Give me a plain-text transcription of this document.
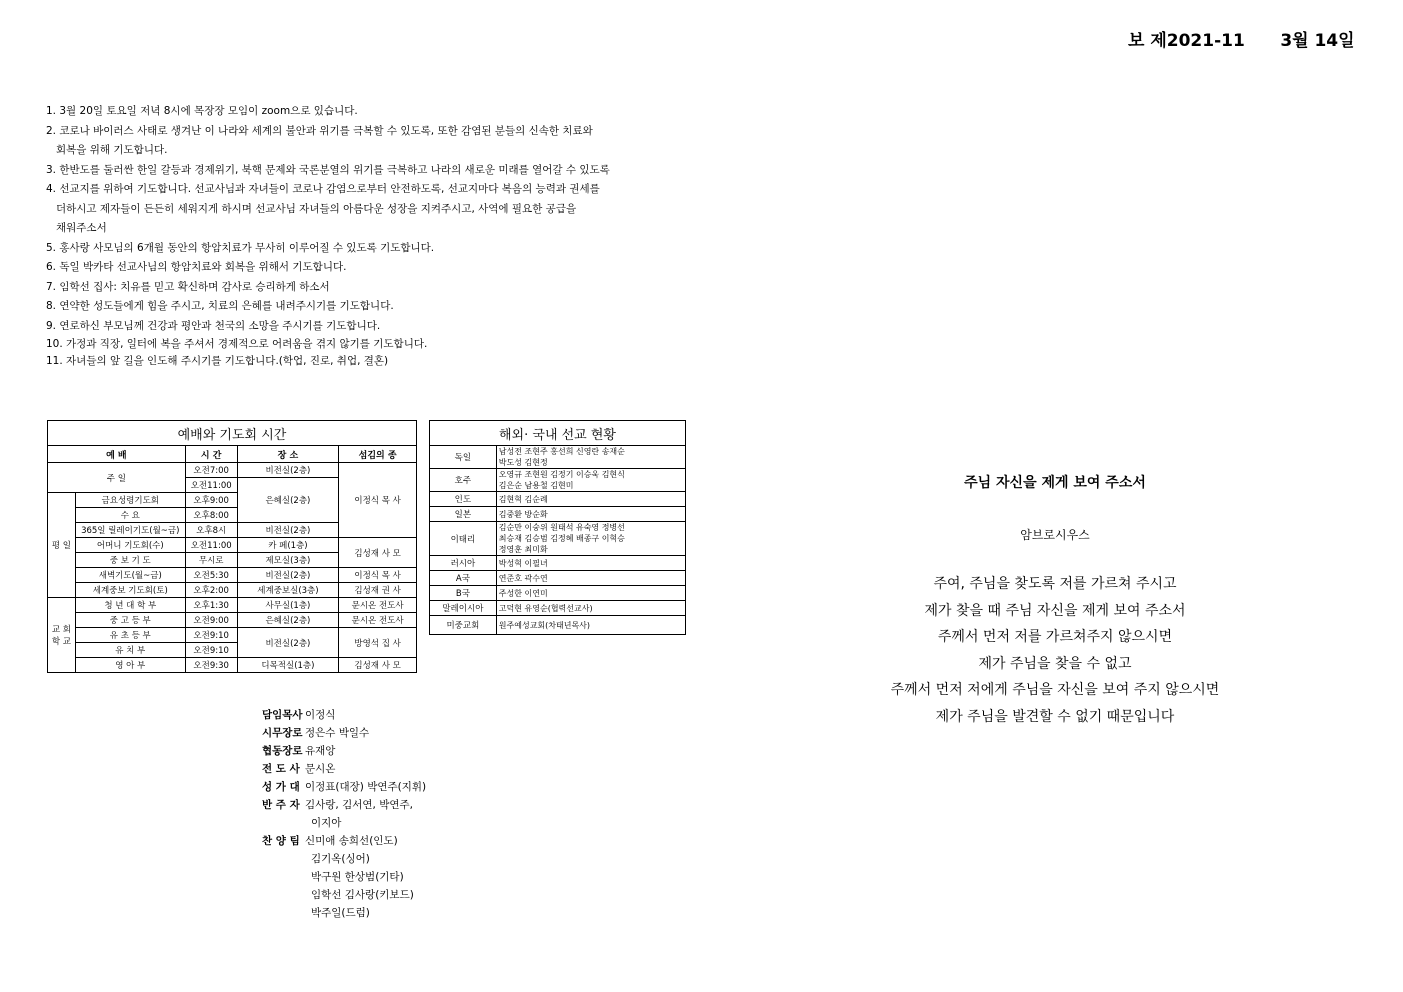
보 제2021-11 3월 14일
1. 3월 20일 토요일 저녁 8시에 목장장 모임이 zoom으로 있습니다.
2. 코로나 바이러스 사태로 생겨난 이 나라와 세계의 불안과 위기를 극복할 수 있도록, 또한 감염된 분들의 신속한 치료와
회복을 위해 기도합니다.
3. 한반도를 둘러싼 한일 갈등과 경제위기, 북핵 문제와 국론분열의 위기를 극복하고 나라의 새로운 미래를 열어갈 수 있도록
4. 선교지를 위하여 기도합니다. 선교사님과 자녀들이 코로나 감염으로부터 안전하도록, 선교지마다 복음의 능력과 권세를
더하시고 제자들이 든든히 세워지게 하시며 선교사님 자녀들의 아름다운 성장을 지켜주시고, 사역에 필요한 공급을
채워주소서
5. 홍사랑 사모님의 6개월 동안의 항암치료가 무사히 이루어질 수 있도록 기도합니다.
6. 독일 박카타 선교사님의 항암치료와 회복을 위해서 기도합니다.
7. 임학선 집사: 치유를 믿고 확신하며 감사로 승리하게 하소서
8. 연약한 성도들에게 힘을 주시고, 치료의 은혜를 내려주시기를 기도합니다.
9. 연로하신 부모님께 건강과 평안과 천국의 소망을 주시기를 기도합니다.
10. 가정과 직장, 일터에 복을 주셔서 경제적으로 어려움을 겪지 않기를 기도합니다.
11. 자녀들의 앞 길을 인도해 주시기를 기도합니다.(학업, 진로, 취업, 결혼)
예배와 기도회 시간				
예 배		시 간	장 소	섬김의 종
주 일		오전7:00	비전실(2층)	이정식 목 사
		오전11:00	은혜실(2층)	
평 일	금요성령기도회	오후9:00		
	수 요	오후8:00		
	365일 릴레이기도(월~금)	오후8시	비전실(2층)	
	어머니 기도회(수)	오전11:00	카 페(1층)	김성재 사 모
	중 보 기 도	무시로	제모실(3층)	
	새벽기도(월~금)	오전5:30	비전실(2층)	이정식 목 사
	세계중보 기도회(토)	오후2:00	세계중보실(3층)	김성재 권 사
교 회 학 교	청 년 대 학 부	오후1:30	사무실(1층)	문시온 전도사
	중 고 등 부	오전9:00	은혜실(2층)	문시온 전도사
	유 초 등 부	오전9:10	비전실(2층)	방영석 집 사
	유 치 부	오전9:10		
	영 아 부	오전9:30	디목적실(1층)	김성재 사 모
해외· 국내 선교 현황	
독일	남성전 조현주 홍선희 신영란 송재순
박도성 김현정

호주	오영규 조현원 김정기 이승욱 김현식
김은순 남용철 김현미

인도	김현혁 김순례

일본	김중환 방순화

이태리	김순만 이숭위 원태석 유숙영 정병선
최승재 김승범 김정혜 배종구 이혁승
정영훈 최미화

러시아	박성혁 이필녀

A국	연준호 곽수연

B국	주성한 이연미

말레이시아	고덕현 유영순(협력선교사)

미중교회	원주예성교회(차태년목사)
담임목사 이정식
시무장로 정은수 박일수
협동장로 유재앙
전 도 사 문시온
성 가 대 이정표(대장) 박연주(지휘)
반 주 자 김사랑, 김서연, 박연주,
이지아
찬 양 팀 신미애 송희선(인도)
김기옥(싱어)
박구원 한상범(기타)
임학선 김사랑(키보드)
박주일(드럼)
주님 자신을 제게 보여 주소서
암브로시우스
주여, 주님을 찾도록 저를 가르쳐 주시고
제가 찾을 때 주님 자신을 제게 보여 주소서
주께서 먼저 저를 가르쳐주지 않으시면
제가 주님을 찾을 수 없고
주께서 먼저 저에게 주님을 자신을 보여 주지 않으시면
제가 주님을 발견할 수 없기 때문입니다
